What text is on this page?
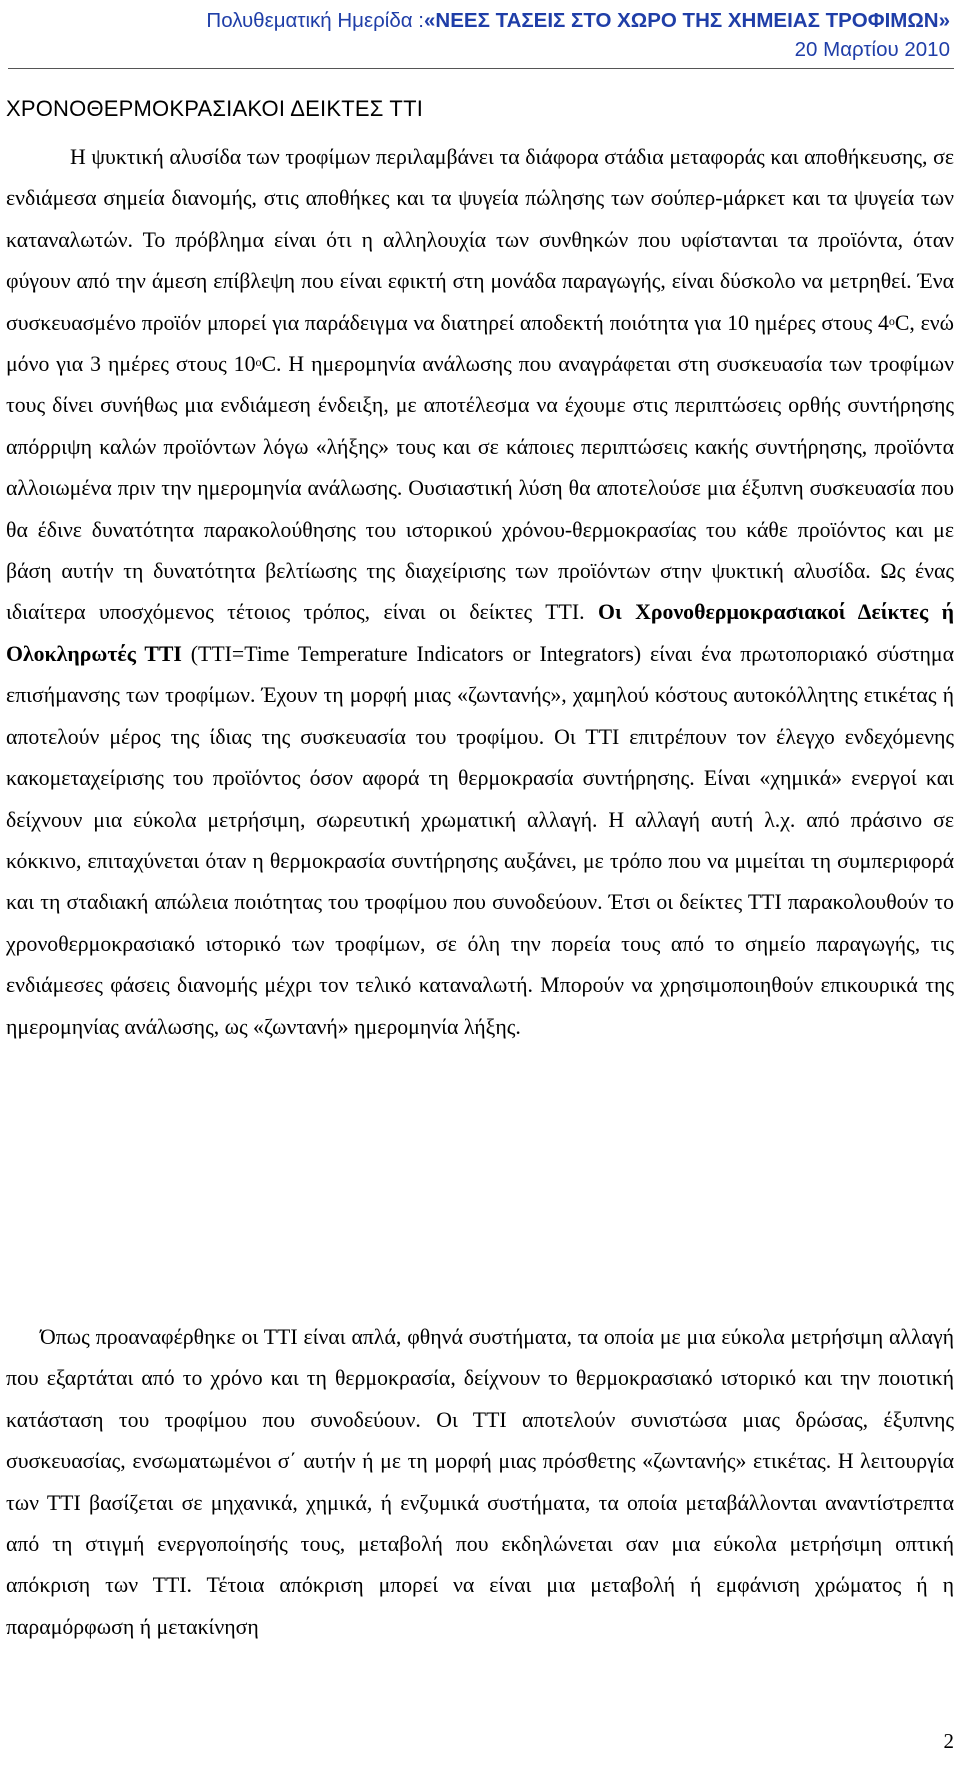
Πολυθεματική Ημερίδα :«ΝΕΕΣ ΤΑΣΕΙΣ ΣΤΟ ΧΩΡΟ ΤΗΣ ΧΗΜΕΙΑΣ ΤΡΟΦΙΜΩΝ»
20 Μαρτίου 2010
ΧΡΟΝΟΘΕΡΜΟΚΡΑΣΙΑΚΟΙ ΔΕΙΚΤΕΣ ΤΤΙ

Η ψυκτική αλυσίδα των τροφίμων περιλαμβάνει τα διάφορα στάδια μεταφοράς και αποθήκευσης, σε ενδιάμεσα σημεία διανομής, στις αποθήκες και τα ψυγεία πώλησης των σούπερ-μάρκετ και τα ψυγεία των καταναλωτών. Το πρόβλημα είναι ότι η αλληλουχία των συνθηκών που υφίστανται τα προϊόντα, όταν φύγουν από την άμεση επίβλεψη που είναι εφικτή στη μονάδα παραγωγής, είναι δύσκολο να μετρηθεί. Ένα συσκευασμένο προϊόν μπορεί για παράδειγμα να διατηρεί αποδεκτή ποιότητα για 10 ημέρες στους 4$^o$C, ενώ μόνο για 3 ημέρες στους 10$^o$C. Η ημερομηνία ανάλωσης που αναγράφεται στη συσκευασία των τροφίμων τους δίνει συνήθως μια ενδιάμεση ένδειξη, με αποτέλεσμα να έχουμε στις περιπτώσεις ορθής συντήρησης απόρριψη καλών προϊόντων λόγω «λήξης» τους και σε κάποιες περιπτώσεις κακής συντήρησης, προϊόντα αλλοιωμένα πριν την ημερομηνία ανάλωσης. Ουσιαστική λύση θα αποτελούσε μια έξυπνη συσκευασία που θα έδινε δυνατότητα παρακολούθησης του ιστορικού χρόνου-θερμοκρασίας του κάθε προϊόντος και με βάση αυτήν τη δυνατότητα βελτίωσης της διαχείρισης των προϊόντων στην ψυκτική αλυσίδα. Ως ένας ιδιαίτερα υποσχόμενος τέτοιος τρόπος, είναι οι δείκτες ΤΤΙ. Οι Χρονοθερμοκρασιακοί Δείκτες ή Ολοκληρωτές ΤΤΙ (TTI=Time Temperature Indicators or Integrators) είναι ένα πρωτοποριακό σύστημα επισήμανσης των τροφίμων. Έχουν τη μορφή μιας «ζωντανής», χαμηλού κόστους αυτοκόλλητης ετικέτας ή αποτελούν μέρος της ίδιας της συσκευασία του τροφίμου. Οι ΤΤΙ επιτρέπουν τον έλεγχο ενδεχόμενης κακομεταχείρισης του προϊόντος όσον αφορά τη θερμοκρασία συντήρησης. Είναι «χημικά» ενεργοί και δείχνουν μια εύκολα μετρήσιμη, σωρευτική χρωματική αλλαγή. Η αλλαγή αυτή λ.χ. από πράσινο σε κόκκινο, επιταχύνεται όταν η θερμοκρασία συντήρησης αυξάνει, με τρόπο που να μιμείται τη συμπεριφορά και τη σταδιακή απώλεια ποιότητας του τροφίμου που συνοδεύουν. Έτσι οι δείκτες ΤΤΙ παρακολουθούν το χρονοθερμοκρασιακό ιστορικό των τροφίμων, σε όλη την πορεία τους από το σημείο παραγωγής, τις ενδιάμεσες φάσεις διανομής μέχρι τον τελικό καταναλωτή. Μπορούν να χρησιμοποιηθούν επικουρικά της ημερομηνίας ανάλωσης, ως «ζωντανή» ημερομηνία λήξης.

Όπως προαναφέρθηκε οι ΤΤΙ είναι απλά, φθηνά συστήματα, τα οποία με μια εύκολα μετρήσιμη αλλαγή που εξαρτάται από το χρόνο και τη θερμοκρασία, δείχνουν το θερμοκρασιακό ιστορικό και την ποιοτική κατάσταση του τροφίμου που συνοδεύουν. Οι ΤΤΙ αποτελούν συνιστώσα μιας δρώσας, έξυπνης συσκευασίας, ενσωματωμένοι σ΄ αυτήν ή με τη μορφή μιας πρόσθετης «ζωντανής» ετικέτας. Η λειτουργία των ΤΤΙ βασίζεται σε μηχανικά, χημικά, ή ενζυμικά συστήματα, τα οποία μεταβάλλονται αναντίστρεπτα από τη στιγμή ενεργοποίησής τους, μεταβολή που εκδηλώνεται σαν μια εύκολα μετρήσιμη οπτική απόκριση των ΤΤΙ. Τέτοια απόκριση μπορεί να είναι μια μεταβολή ή εμφάνιση χρώματος ή η παραμόρφωση ή μετακίνηση

2
